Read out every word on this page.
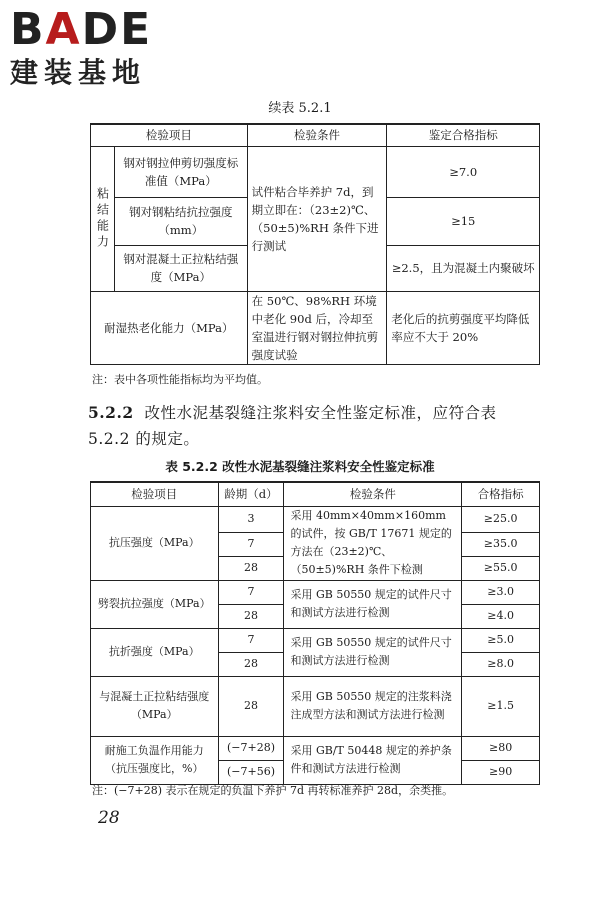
BADE
建装基地
续表 5.2.1
检验项目		检验条件	鉴定合格指标
粘结能力	钢对钢拉伸剪切强度标准值（MPa）	试件粘合毕养护 7d，到期立即在：（23±2)℃、（50±5)%RH 条件下进行测试	≥7.0
	钢对钢粘结抗拉强度（mm）		≥15
	钢对混凝土正拉粘结强度（MPa）		≥2.5，且为混凝土内聚破坏
耐湿热老化能力（MPa）		在 50℃、98%RH 环境中老化 90d 后，冷却至室温进行钢对钢拉伸抗剪强度试验	老化后的抗剪强度平均降低率应不大于 20%
注：表中各项性能指标均为平均值。
5.2.2 改性水泥基裂缝注浆料安全性鉴定标准，应符合表 5.2.2 的规定。
表 5.2.2 改性水泥基裂缝注浆料安全性鉴定标准
检验项目	龄期（d）	检验条件	合格指标
抗压强度（MPa）	3	采用 40mm×40mm×160mm 的试件，按 GB/T 17671 规定的方法在（23±2)℃、（50±5)%RH 条件下检测	≥25.0
	7		≥35.0
	28		≥55.0
劈裂抗拉强度（MPa）	7	采用 GB 50550 规定的试件尺寸和测试方法进行检测	≥3.0
	28		≥4.0
抗折强度（MPa）	7	采用 GB 50550 规定的试件尺寸和测试方法进行检测	≥5.0
	28		≥8.0
与混凝土正拉粘结强度（MPa）	28	采用 GB 50550 规定的注浆料浇注成型方法和测试方法进行检测	≥1.5
耐施工负温作用能力（抗压强度比，%）	(−7+28)	采用 GB/T 50448 规定的养护条件和测试方法进行检测	≥80
	(−7+56)		≥90
注：(−7+28) 表示在规定的负温下养护 7d 再转标准养护 28d，余类推。
28
